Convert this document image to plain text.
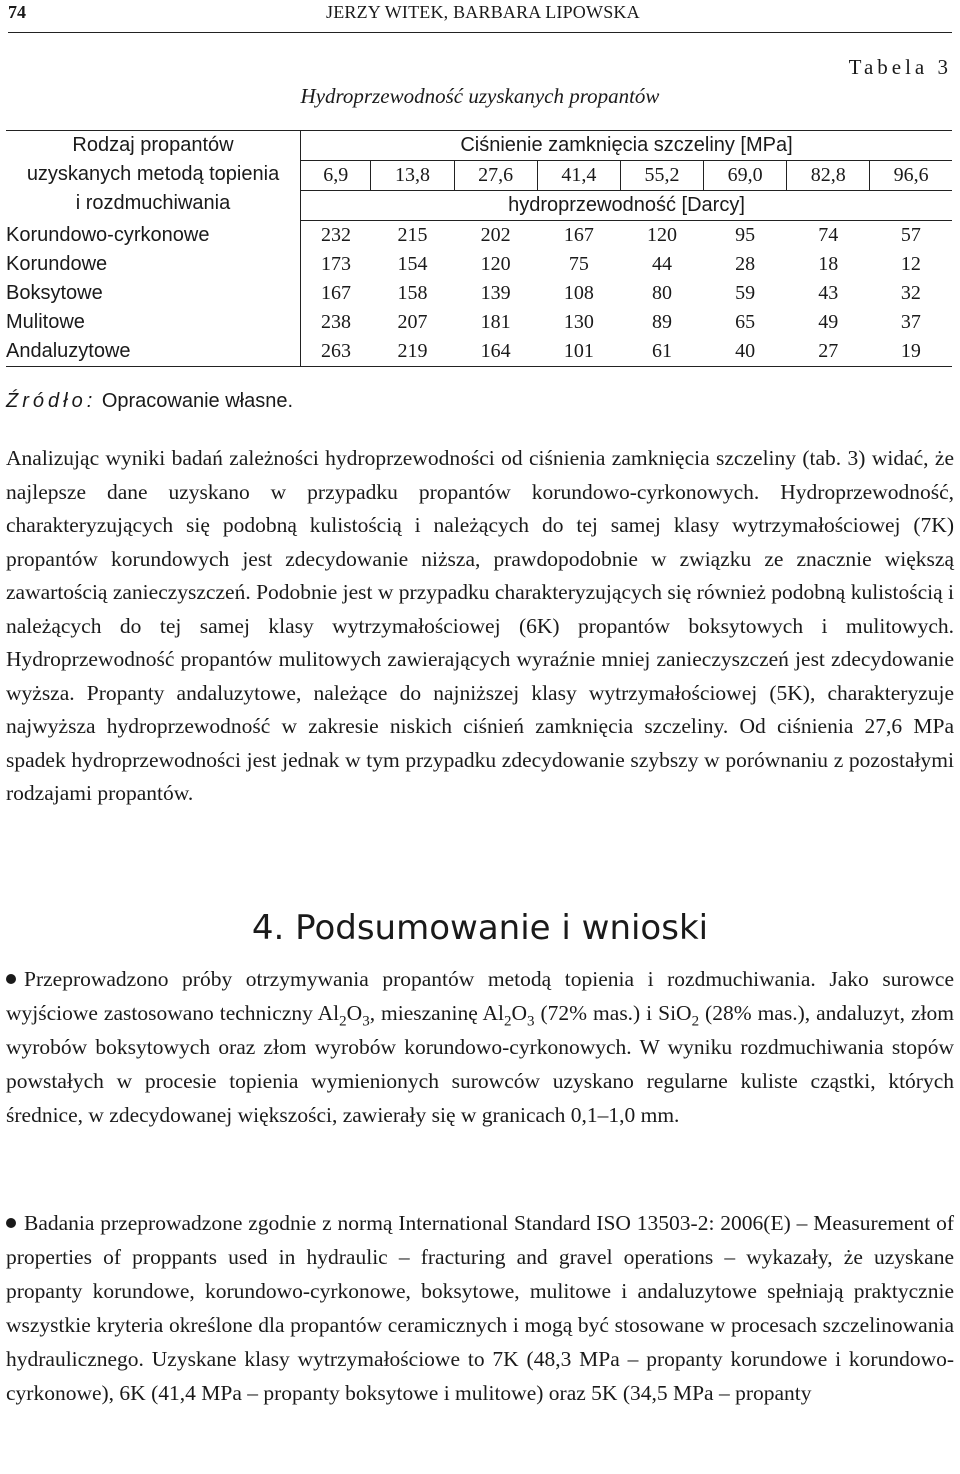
74	JERZY WITEK, BARBARA LIPOWSKA
Tabela 3
Hydroprzewodność uzyskanych propantów
Rodzaj propantów
uzyskanych metodą topienia
i rozdmuchiwania	Ciśnienie zamknięcia szczeliny [MPa]							
	6,9	13,8	27,6	41,4	55,2	69,0	82,8	96,6
	hydroprzewodność [Darcy]							
Korundowo-cyrkonowe	232	215	202	167	120	95	74	57
Korundowe	173	154	120	75	44	28	18	12
Boksytowe	167	158	139	108	80	59	43	32
Mulitowe	238	207	181	130	89	65	49	37
Andaluzytowe	263	219	164	101	61	40	27	19
Źródło: Opracowanie własne.

Analizując wyniki badań zależności hydroprzewodności od ciśnienia zamknięcia szczeliny (tab. 3) widać, że najlepsze dane uzyskano w przypadku propantów korundowo-cyrkonowych. Hydroprzewodność, charakteryzujących się podobną kulistością i należących do tej samej klasy wytrzymałościowej (7K) propantów korundowych jest zdecydowanie niższa, prawdopodobnie w związku ze znacznie większą zawartością zanieczyszczeń. Podobnie jest w przypadku charakteryzujących się również podobną kulistością i należących do tej samej klasy wytrzymałościowej (6K) propantów boksytowych i mulitowych. Hydroprzewodność propantów mulitowych zawierających wyraźnie mniej zanieczyszczeń jest zdecydowanie wyższa. Propanty andaluzytowe, należące do najniższej klasy wytrzymałościowej (5K), charakteryzuje najwyższa hydroprzewodność w zakresie niskich ciśnień zamknięcia szczeliny. Od ciśnienia 27,6 MPa spadek hydroprzewodności jest jednak w tym przypadku zdecydowanie szybszy w porównaniu z pozostałymi rodzajami propantów.

4. Podsumowanie i wnioski

Przeprowadzono próby otrzymywania propantów metodą topienia i rozdmuchiwania. Jako surowce wyjściowe zastosowano techniczny $Al_2O_3$, mieszaninę $Al_2O_3$ (72% mas.) i SiO$_2$ (28% mas.), andaluzyt, złom wyrobów boksytowych oraz złom wyrobów korundowo-cyrkonowych. W wyniku rozdmuchiwania stopów powstałych w procesie topienia wymienionych surowców uzyskano regularne kuliste cząstki, których średnice, w zdecydowanej większości, zawierały się w granicach 0,1–1,0 mm.

Badania przeprowadzone zgodnie z normą International Standard ISO 13503-2: 2006(E) – Measurement of properties of proppants used in hydraulic – fracturing and gravel operations – wykazały, że uzyskane propanty korundowe, korundowo-cyrkonowe, boksytowe, mulitowe i andaluzytowe spełniają praktycznie wszystkie kryteria określone dla propantów ceramicznych i mogą być stosowane w procesach szczelinowania hydraulicznego. Uzyskane klasy wytrzymałościowe to 7K (48,3 MPa – propanty korundowe i korundowo-cyrkonowe), 6K (41,4 MPa – propanty boksytowe i mulitowe) oraz 5K (34,5 MPa – propanty
